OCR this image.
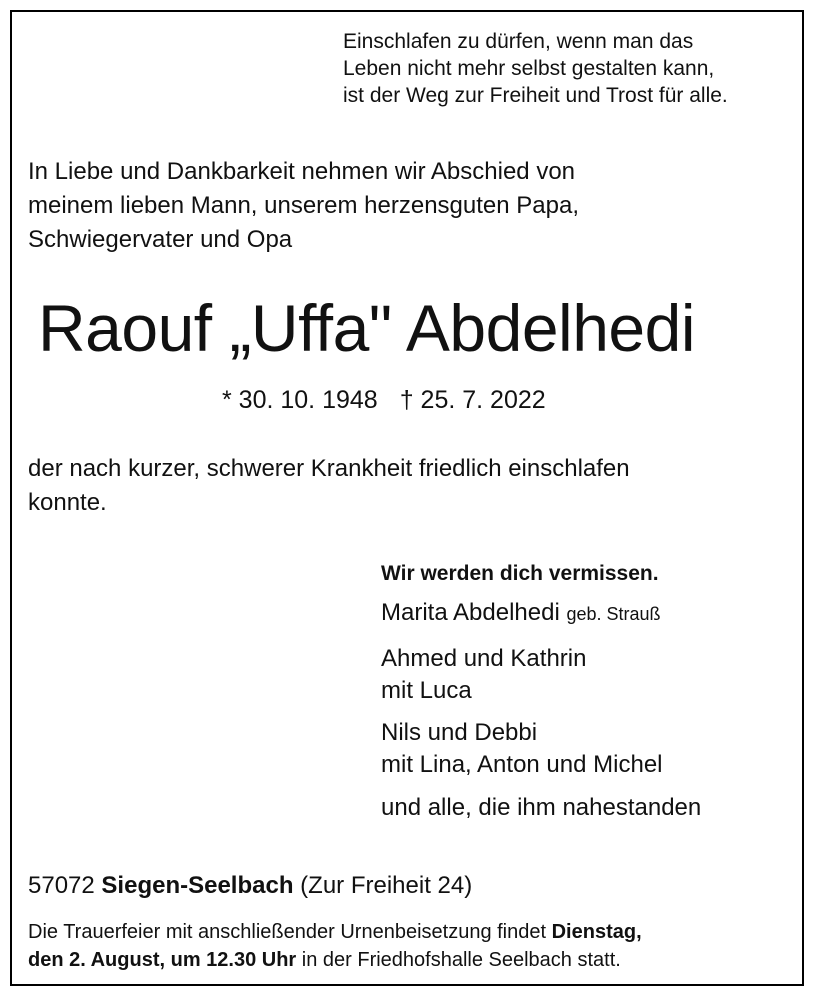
Einschlafen zu dürfen, wenn man das
Leben nicht mehr selbst gestalten kann,
ist der Weg zur Freiheit und Trost für alle.
In Liebe und Dankbarkeit nehmen wir Abschied von
meinem lieben Mann, unserem herzensguten Papa,
Schwiegervater und Opa
Raouf „Uffa" Abdelhedi
* 30. 10. 1948 † 25. 7. 2022
der nach kurzer, schwerer Krankheit friedlich einschlafen
konnte.
Wir werden dich vermissen.
Marita Abdelhedi geb. Strauß
Ahmed und Kathrin
mit Luca
Nils und Debbi
mit Lina, Anton und Michel
und alle, die ihm nahestanden
57072 Siegen-Seelbach (Zur Freiheit 24)
Die Trauerfeier mit anschließender Urnenbeisetzung findet Dienstag,
den 2. August, um 12.30 Uhr in der Friedhofshalle Seelbach statt.
